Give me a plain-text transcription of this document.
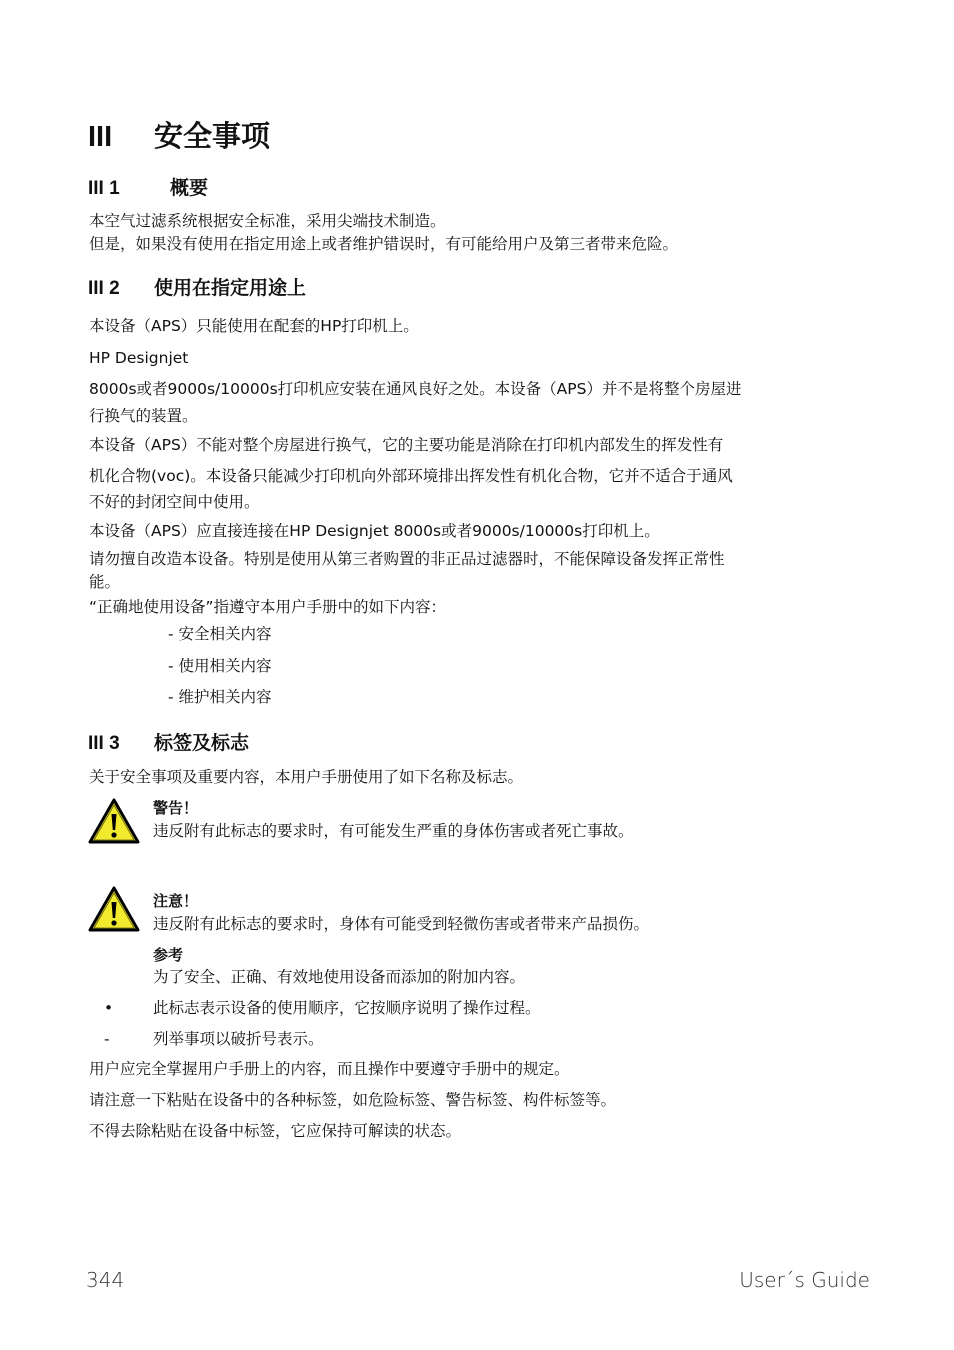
III 安全事项
III 1	概要
本空气过滤系统根据安全标准，采用尖端技术制造。
但是，如果没有使用在指定用途上或者维护错误时，有可能给用户及第三者带来危险。
III 2 使用在指定用途上
本设备（APS）只能使用在配套的HP打印机上。
HP Designjet
8000s或者9000s/10000s打印机应安装在通风良好之处。本设备（APS）并不是将整个房屋进
行换气的装置。
本设备（APS）不能对整个房屋进行换气，它的主要功能是消除在打印机内部发生的挥发性有
机化合物(voc)。本设备只能减少打印机向外部环境排出挥发性有机化合物，它并不适合于通风
不好的封闭空间中使用。
本设备（APS）应直接连接在HP Designjet 8000s或者9000s/10000s打印机上。
请勿擅自改造本设备。特别是使用从第三者购置的非正品过滤器时，不能保障设备发挥正常性
能。
“正确地使用设备”指遵守本用户手册中的如下内容：
- 安全相关内容
- 使用相关内容
- 维护相关内容
III 3 标签及标志
关于安全事项及重要内容，本用户手册使用了如下名称及标志。
警告！
违反附有此标志的要求时，有可能发生严重的身体伤害或者死亡事故。
注意！
违反附有此标志的要求时，身体有可能受到轻微伤害或者带来产品损伤。
参考
为了安全、正确、有效地使用设备而添加的附加内容。
•	此标志表示设备的使用顺序，它按顺序说明了操作过程。
-	列举事项以破折号表示。
用户应完全掌握用户手册上的内容，而且操作中要遵守手册中的规定。
请注意一下粘贴在设备中的各种标签，如危险标签、警告标签、构件标签等。
不得去除粘贴在设备中标签，它应保持可解读的状态。
344	User´s Guide
